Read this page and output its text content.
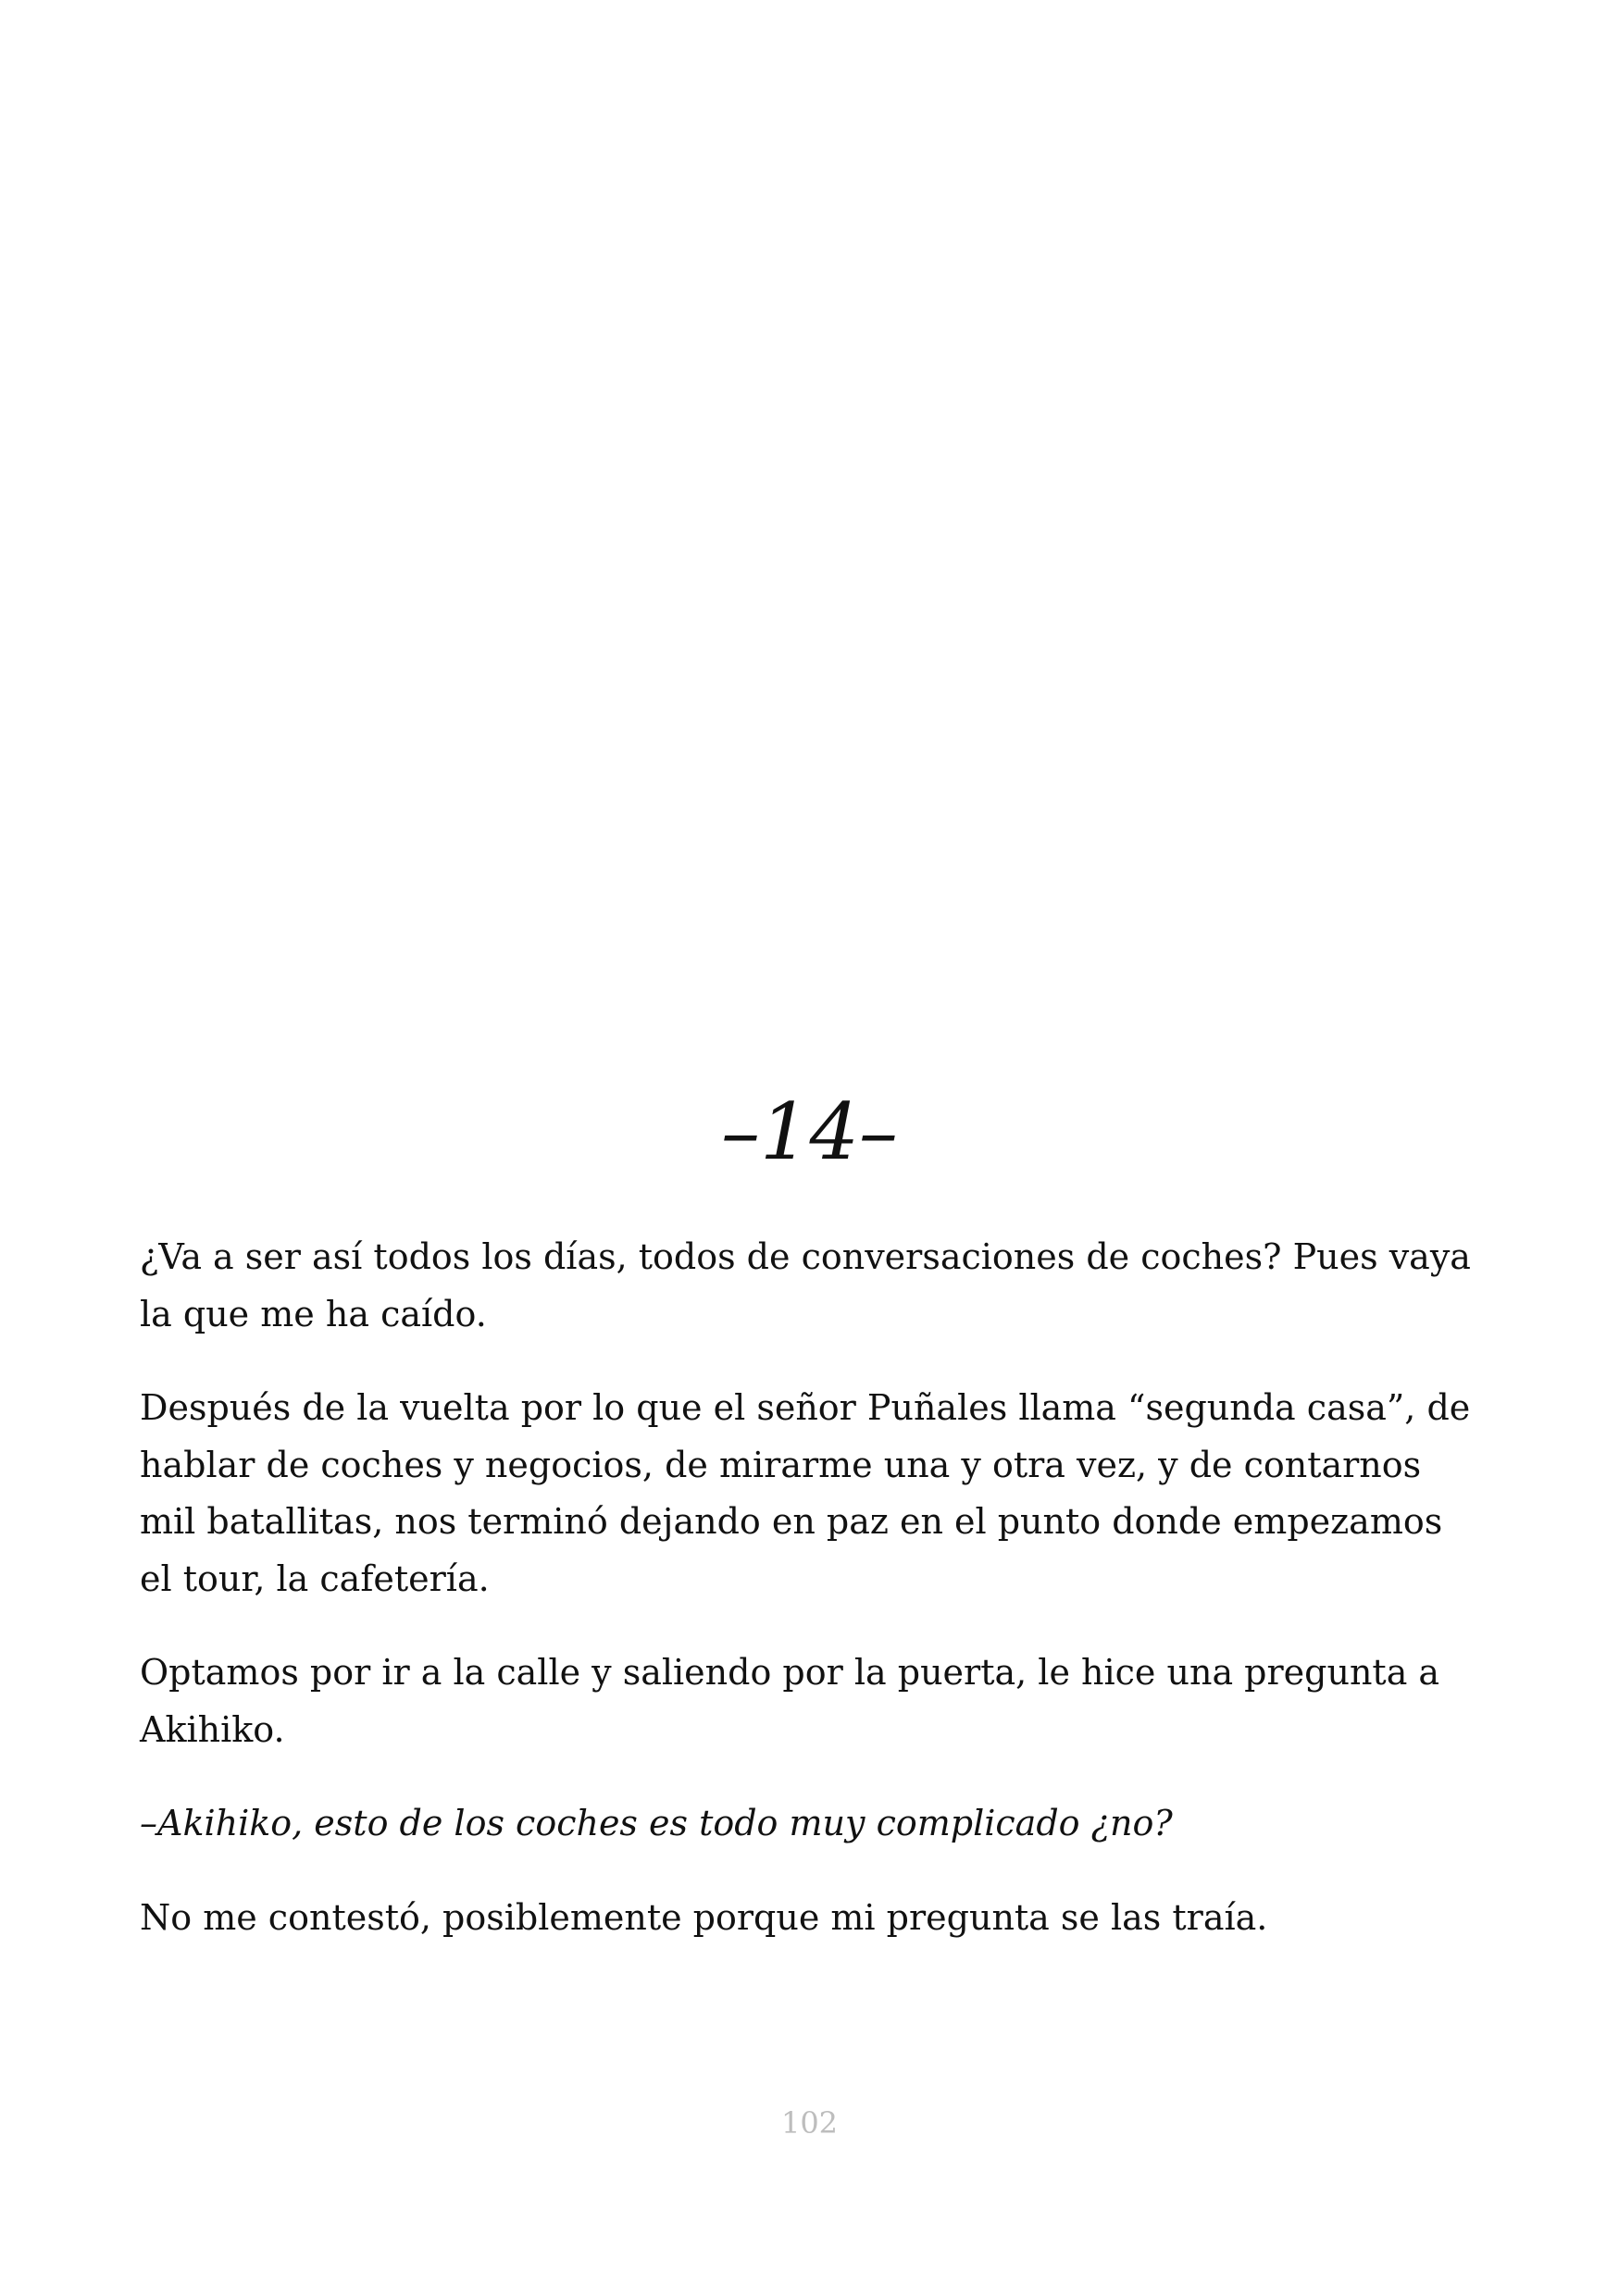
–14–

¿Va a ser así todos los días, todos de conversaciones de coches? Pues vaya la que me ha caído.

Después de la vuelta por lo que el señor Puñales llama “segunda casa”, de hablar de coches y negocios, de mirarme una y otra vez, y de contarnos mil batallitas, nos terminó dejando en paz en el punto donde empezamos el tour, la cafetería.

Optamos por ir a la calle y saliendo por la puerta, le hice una pregunta a Akihiko.

–Akihiko, esto de los coches es todo muy complicado ¿no?

No me contestó, posiblemente porque mi pregunta se las traía.

102
